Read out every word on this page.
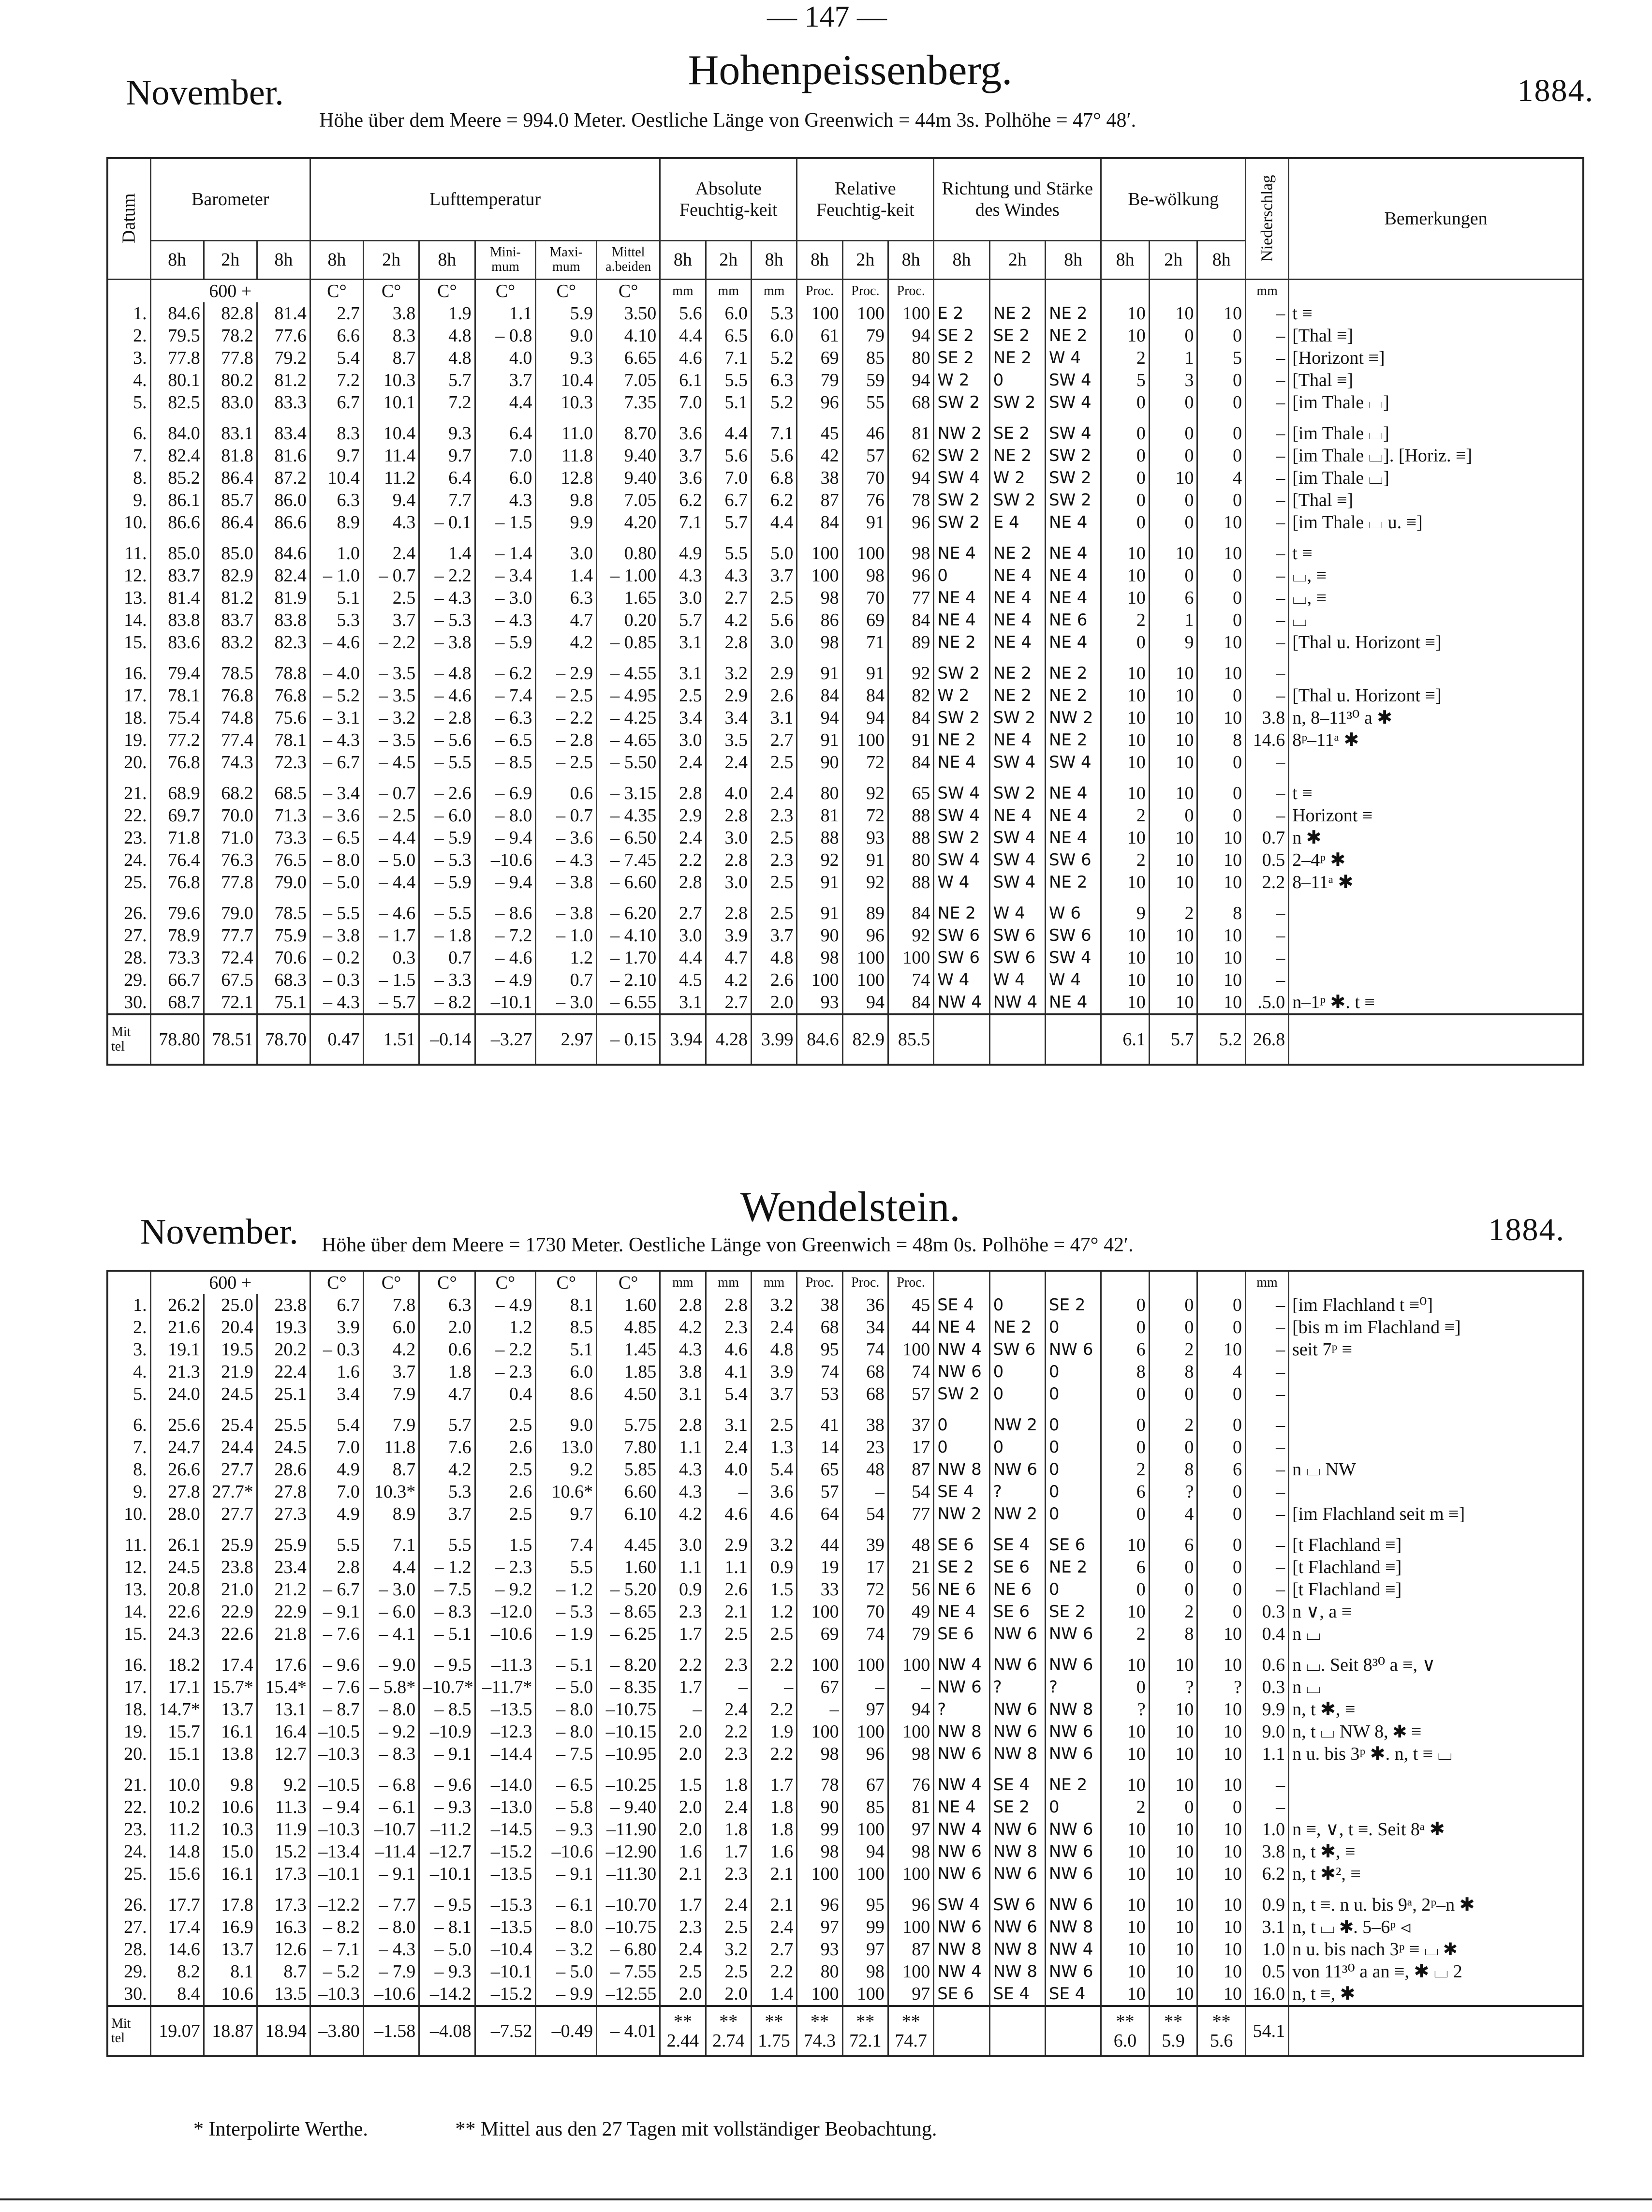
— 147 —
November.	Hohenpeissenberg.	1884.
Höhe über dem Meere = 994.0 Meter. Oestliche Länge von Greenwich = 44m 3s. Polhöhe = 47° 48′.
Datum	Barometer			Lufttemperatur						Absolute Feuchtig-keit			Relative Feuchtig-keit			Richtung und Stärke des Windes			Be-wölkung			Niederschlag	Bemerkungen
	8h	2h	8h	8h	2h	8h	Mini-mum	Maxi-mum	Mittel a.beiden	8h	2h	8h	8h	2h	8h	8h	2h	8h	8h	2h	8h		
	600 +			C°	C°	C°	C°	C°	C°	mm	mm	mm	Proc.	Proc.	Proc.							mm	
1.	84.6	82.8	81.4	2.7	3.8	1.9	1.1	5.9	3.50	5.6	6.0	5.3	100	100	100	E 2	NE 2	NE 2	10	10	10	–	t ≡
2.	79.5	78.2	77.6	6.6	8.3	4.8	– 0.8	9.0	4.10	4.4	6.5	6.0	61	79	94	SE 2	SE 2	NE 2	10	0	0	–	[Thal ≡]
3.	77.8	77.8	79.2	5.4	8.7	4.8	4.0	9.3	6.65	4.6	7.1	5.2	69	85	80	SE 2	NE 2	W 4	2	1	5	–	[Horizont ≡]
4.	80.1	80.2	81.2	7.2	10.3	5.7	3.7	10.4	7.05	6.1	5.5	6.3	79	59	94	W 2	0	SW 4	5	3	0	–	[Thal ≡]
5.	82.5	83.0	83.3	6.7	10.1	7.2	4.4	10.3	7.35	7.0	5.1	5.2	96	55	68	SW 2	SW 2	SW 4	0	0	0	–	[im Thale ⌴]
6.	84.0	83.1	83.4	8.3	10.4	9.3	6.4	11.0	8.70	3.6	4.4	7.1	45	46	81	NW 2	SE 2	SW 4	0	0	0	–	[im Thale ⌴]
7.	82.4	81.8	81.6	9.7	11.4	9.7	7.0	11.8	9.40	3.7	5.6	5.6	42	57	62	SW 2	NE 2	SW 2	0	0	0	–	[im Thale ⌴]. [Horiz. ≡]
8.	85.2	86.4	87.2	10.4	11.2	6.4	6.0	12.8	9.40	3.6	7.0	6.8	38	70	94	SW 4	W 2	SW 2	0	10	4	–	[im Thale ⌴]
9.	86.1	85.7	86.0	6.3	9.4	7.7	4.3	9.8	7.05	6.2	6.7	6.2	87	76	78	SW 2	SW 2	SW 2	0	0	0	–	[Thal ≡]
10.	86.6	86.4	86.6	8.9	4.3	– 0.1	– 1.5	9.9	4.20	7.1	5.7	4.4	84	91	96	SW 2	E 4	NE 4	0	0	10	–	[im Thale ⌴ u. ≡]
11.	85.0	85.0	84.6	1.0	2.4	1.4	– 1.4	3.0	0.80	4.9	5.5	5.0	100	100	98	NE 4	NE 2	NE 4	10	10	10	–	t ≡
12.	83.7	82.9	82.4	– 1.0	– 0.7	– 2.2	– 3.4	1.4	– 1.00	4.3	4.3	3.7	100	98	96	0	NE 4	NE 4	10	0	0	–	⌴, ≡
13.	81.4	81.2	81.9	5.1	2.5	– 4.3	– 3.0	6.3	1.65	3.0	2.7	2.5	98	70	77	NE 4	NE 4	NE 4	10	6	0	–	⌴, ≡
14.	83.8	83.7	83.8	5.3	3.7	– 5.3	– 4.3	4.7	0.20	5.7	4.2	5.6	86	69	84	NE 4	NE 4	NE 6	2	1	0	–	⌴
15.	83.6	83.2	82.3	– 4.6	– 2.2	– 3.8	– 5.9	4.2	– 0.85	3.1	2.8	3.0	98	71	89	NE 2	NE 4	NE 4	0	9	10	–	[Thal u. Horizont ≡]
16.	79.4	78.5	78.8	– 4.0	– 3.5	– 4.8	– 6.2	– 2.9	– 4.55	3.1	3.2	2.9	91	91	92	SW 2	NE 2	NE 2	10	10	10	–	
17.	78.1	76.8	76.8	– 5.2	– 3.5	– 4.6	– 7.4	– 2.5	– 4.95	2.5	2.9	2.6	84	84	82	W 2	NE 2	NE 2	10	10	0	–	[Thal u. Horizont ≡]
18.	75.4	74.8	75.6	– 3.1	– 3.2	– 2.8	– 6.3	– 2.2	– 4.25	3.4	3.4	3.1	94	94	84	SW 2	SW 2	NW 2	10	10	10	3.8	n, 8–11³⁰ a ✱
19.	77.2	77.4	78.1	– 4.3	– 3.5	– 5.6	– 6.5	– 2.8	– 4.65	3.0	3.5	2.7	91	100	91	NE 2	NE 4	NE 2	10	10	8	14.6	8ᵖ–11ᵃ ✱
20.	76.8	74.3	72.3	– 6.7	– 4.5	– 5.5	– 8.5	– 2.5	– 5.50	2.4	2.4	2.5	90	72	84	NE 4	SW 4	SW 4	10	10	0	–	
21.	68.9	68.2	68.5	– 3.4	– 0.7	– 2.6	– 6.9	0.6	– 3.15	2.8	4.0	2.4	80	92	65	SW 4	SW 2	NE 4	10	10	0	–	t ≡
22.	69.7	70.0	71.3	– 3.6	– 2.5	– 6.0	– 8.0	– 0.7	– 4.35	2.9	2.8	2.3	81	72	88	SW 4	NE 4	NE 4	2	0	0	–	Horizont ≡
23.	71.8	71.0	73.3	– 6.5	– 4.4	– 5.9	– 9.4	– 3.6	– 6.50	2.4	3.0	2.5	88	93	88	SW 2	SW 4	NE 4	10	10	10	0.7	n ✱
24.	76.4	76.3	76.5	– 8.0	– 5.0	– 5.3	–10.6	– 4.3	– 7.45	2.2	2.8	2.3	92	91	80	SW 4	SW 4	SW 6	2	10	10	0.5	2–4ᵖ ✱
25.	76.8	77.8	79.0	– 5.0	– 4.4	– 5.9	– 9.4	– 3.8	– 6.60	2.8	3.0	2.5	91	92	88	W 4	SW 4	NE 2	10	10	10	2.2	8–11ᵃ ✱
26.	79.6	79.0	78.5	– 5.5	– 4.6	– 5.5	– 8.6	– 3.8	– 6.20	2.7	2.8	2.5	91	89	84	NE 2	W 4	W 6	9	2	8	–	
27.	78.9	77.7	75.9	– 3.8	– 1.7	– 1.8	– 7.2	– 1.0	– 4.10	3.0	3.9	3.7	90	96	92	SW 6	SW 6	SW 6	10	10	10	–	
28.	73.3	72.4	70.6	– 0.2	0.3	0.7	– 4.6	1.2	– 1.70	4.4	4.7	4.8	98	100	100	SW 6	SW 6	SW 4	10	10	10	–	
29.	66.7	67.5	68.3	– 0.3	– 1.5	– 3.3	– 4.9	0.7	– 2.10	4.5	4.2	2.6	100	100	74	W 4	W 4	W 4	10	10	10	–	
30.	68.7	72.1	75.1	– 4.3	– 5.7	– 8.2	–10.1	– 3.0	– 6.55	3.1	2.7	2.0	93	94	84	NW 4	NW 4	NE 4	10	10	10	.5.0	n–1ᵖ ✱. t ≡
Mit tel	78.80	78.51	78.70	0.47	1.51	–0.14	–3.27	2.97	– 0.15	3.94	4.28	3.99	84.6	82.9	85.5				6.1	5.7	5.2	26.8	
November.
Wendelstein.	1884.
Höhe über dem Meere = 1730 Meter. Oestliche Länge von Greenwich = 48m 0s. Polhöhe = 47° 42′.
	600 +			C°	C°	C°	C°	C°	C°	mm	mm	mm	Proc.	Proc.	Proc.							mm	
1.	26.2	25.0	23.8	6.7	7.8	6.3	– 4.9	8.1	1.60	2.8	2.8	3.2	38	36	45	SE 4	0	SE 2	0	0	0	–	[im Flachland t ≡⁰]
2.	21.6	20.4	19.3	3.9	6.0	2.0	1.2	8.5	4.85	4.2	2.3	2.4	68	34	44	NE 4	NE 2	0	0	0	0	–	[bis m im Flachland ≡]
3.	19.1	19.5	20.2	– 0.3	4.2	0.6	– 2.2	5.1	1.45	4.3	4.6	4.8	95	74	100	NW 4	SW 6	NW 6	6	2	10	–	seit 7ᵖ ≡
4.	21.3	21.9	22.4	1.6	3.7	1.8	– 2.3	6.0	1.85	3.8	4.1	3.9	74	68	74	NW 6	0	0	8	8	4	–	
5.	24.0	24.5	25.1	3.4	7.9	4.7	0.4	8.6	4.50	3.1	5.4	3.7	53	68	57	SW 2	0	0	0	0	0	–	
6.	25.6	25.4	25.5	5.4	7.9	5.7	2.5	9.0	5.75	2.8	3.1	2.5	41	38	37	0	NW 2	0	0	2	0	–	
7.	24.7	24.4	24.5	7.0	11.8	7.6	2.6	13.0	7.80	1.1	2.4	1.3	14	23	17	0	0	0	0	0	0	–	
8.	26.6	27.7	28.6	4.9	8.7	4.2	2.5	9.2	5.85	4.3	4.0	5.4	65	48	87	NW 8	NW 6	0	2	8	6	–	n ⌴ NW
9.	27.8	27.7*	27.8	7.0	10.3*	5.3	2.6	10.6*	6.60	4.3	–	3.6	57	–	54	SE 4	?	0	6	?	0	–	
10.	28.0	27.7	27.3	4.9	8.9	3.7	2.5	9.7	6.10	4.2	4.6	4.6	64	54	77	NW 2	NW 2	0	0	4	0	–	[im Flachland seit m ≡]
11.	26.1	25.9	25.9	5.5	7.1	5.5	1.5	7.4	4.45	3.0	2.9	3.2	44	39	48	SE 6	SE 4	SE 6	10	6	0	–	[t Flachland ≡]
12.	24.5	23.8	23.4	2.8	4.4	– 1.2	– 2.3	5.5	1.60	1.1	1.1	0.9	19	17	21	SE 2	SE 6	NE 2	6	0	0	–	[t Flachland ≡]
13.	20.8	21.0	21.2	– 6.7	– 3.0	– 7.5	– 9.2	– 1.2	– 5.20	0.9	2.6	1.5	33	72	56	NE 6	NE 6	0	0	0	0	–	[t Flachland ≡]
14.	22.6	22.9	22.9	– 9.1	– 6.0	– 8.3	–12.0	– 5.3	– 8.65	2.3	2.1	1.2	100	70	49	NE 4	SE 6	SE 2	10	2	0	0.3	n ∨, a ≡
15.	24.3	22.6	21.8	– 7.6	– 4.1	– 5.1	–10.6	– 1.9	– 6.25	1.7	2.5	2.5	69	74	79	SE 6	NW 6	NW 6	2	8	10	0.4	n ⌴
16.	18.2	17.4	17.6	– 9.6	– 9.0	– 9.5	–11.3	– 5.1	– 8.20	2.2	2.3	2.2	100	100	100	NW 4	NW 6	NW 6	10	10	10	0.6	n ⌴. Seit 8³⁰ a ≡, ∨
17.	17.1	15.7*	15.4*	– 7.6	– 5.8*	–10.7*	–11.7*	– 5.0	– 8.35	1.7	–	–	67	–	–	NW 6	?	?	0	?	?	0.3	n ⌴
18.	14.7*	13.7	13.1	– 8.7	– 8.0	– 8.5	–13.5	– 8.0	–10.75	–	2.4	2.2	–	97	94	?	NW 6	NW 8	?	10	10	9.9	n, t ✱, ≡
19.	15.7	16.1	16.4	–10.5	– 9.2	–10.9	–12.3	– 8.0	–10.15	2.0	2.2	1.9	100	100	100	NW 8	NW 6	NW 6	10	10	10	9.0	n, t ⌴ NW 8, ✱ ≡
20.	15.1	13.8	12.7	–10.3	– 8.3	– 9.1	–14.4	– 7.5	–10.95	2.0	2.3	2.2	98	96	98	NW 6	NW 8	NW 6	10	10	10	1.1	n u. bis 3ᵖ ✱. n, t ≡ ⌴
21.	10.0	9.8	9.2	–10.5	– 6.8	– 9.6	–14.0	– 6.5	–10.25	1.5	1.8	1.7	78	67	76	NW 4	SE 4	NE 2	10	10	10	–	
22.	10.2	10.6	11.3	– 9.4	– 6.1	– 9.3	–13.0	– 5.8	– 9.40	2.0	2.4	1.8	90	85	81	NE 4	SE 2	0	2	0	0	–	
23.	11.2	10.3	11.9	–10.3	–10.7	–11.2	–14.5	– 9.3	–11.90	2.0	1.8	1.8	99	100	97	NW 4	NW 6	NW 6	10	10	10	1.0	n ≡, ∨, t ≡. Seit 8ᵃ ✱
24.	14.8	15.0	15.2	–13.4	–11.4	–12.7	–15.2	–10.6	–12.90	1.6	1.7	1.6	98	94	98	NW 6	NW 8	NW 6	10	10	10	3.8	n, t ✱, ≡
25.	15.6	16.1	17.3	–10.1	– 9.1	–10.1	–13.5	– 9.1	–11.30	2.1	2.3	2.1	100	100	100	NW 6	NW 6	NW 6	10	10	10	6.2	n, t ✱², ≡
26.	17.7	17.8	17.3	–12.2	– 7.7	– 9.5	–15.3	– 6.1	–10.70	1.7	2.4	2.1	96	95	96	SW 4	SW 6	NW 6	10	10	10	0.9	n, t ≡. n u. bis 9ᵃ, 2ᵖ–n ✱
27.	17.4	16.9	16.3	– 8.2	– 8.0	– 8.1	–13.5	– 8.0	–10.75	2.3	2.5	2.4	97	99	100	NW 6	NW 6	NW 8	10	10	10	3.1	n, t ⌴ ✱. 5–6ᵖ ⊲
28.	14.6	13.7	12.6	– 7.1	– 4.3	– 5.0	–10.4	– 3.2	– 6.80	2.4	3.2	2.7	93	97	87	NW 8	NW 8	NW 4	10	10	10	1.0	n u. bis nach 3ᵖ ≡ ⌴ ✱
29.	8.2	8.1	8.7	– 5.2	– 7.9	– 9.3	–10.1	– 5.0	– 7.55	2.5	2.5	2.2	80	98	100	NW 4	NW 8	NW 6	10	10	10	0.5	von 11³⁰ a an ≡, ✱ ⌴ 2
30.	8.4	10.6	13.5	–10.3	–10.6	–14.2	–15.2	– 9.9	–12.55	2.0	2.0	1.4	100	100	97	SE 6	SE 4	SE 4	10	10	10	16.0	n, t ≡, ✱
Mit tel	19.07	18.87	18.94	–3.80	–1.58	–4.08	–7.52	–0.49	– 4.01	** 2.44	** 2.74	** 1.75	** 74.3	** 72.1	** 74.7				** 6.0	** 5.9	** 5.6	54.1	
* Interpolirte Werthe.	** Mittel aus den 27 Tagen mit vollständiger Beobachtung.
